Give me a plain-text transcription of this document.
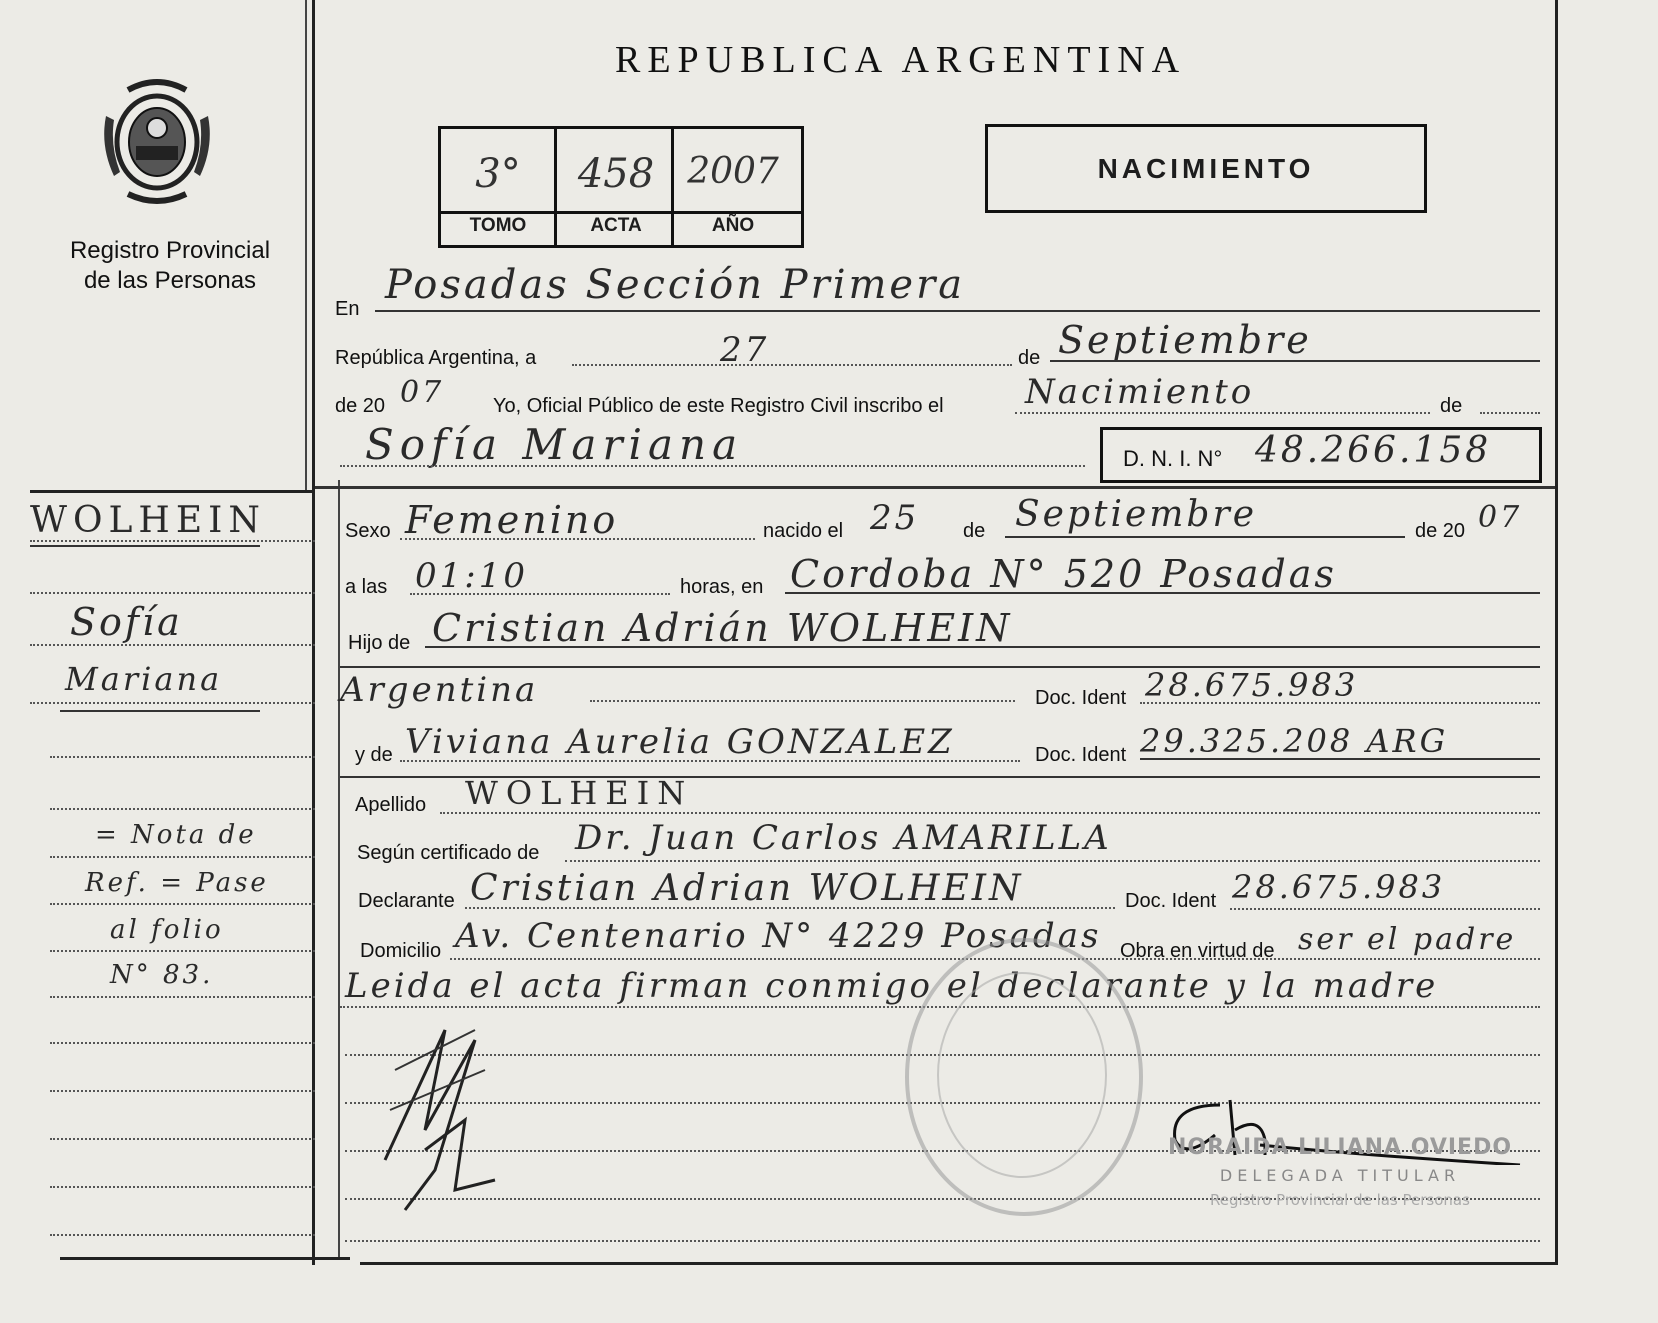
Registro Provincial
de las Personas
WOLHEIN
Sofía
Mariana
= Nota de
Ref. = Pase
al folio
N° 83.
REPUBLICA ARGENTINA
3°	458 2007
TOMO	ACTA	AÑO
NACIMIENTO
En
Posadas Sección Primera
República Argentina, a	27	de Septiembre
de 20 07 Yo, Oficial Público de este Registro Civil inscribo el Nacimiento	de
Sofía Mariana	D. N. I. N° 48.266.158
Sexo Femenino	nacido el 25 de Septiembre	de 20 07
a las 01:10	horas, en Cordoba N° 520 Posadas
Hijo de Cristian Adrián WOLHEIN
Argentina	Doc. Ident 28.675.983
y de Viviana Aurelia GONZALEZ	Doc. Ident 29.325.208 ARG
Apellido WOLHEIN
Según certificado de Dr. Juan Carlos AMARILLA
Declarante Cristian Adrian WOLHEIN	Doc. Ident 28.675.983
Domicilio Av. Centenario N° 4229 Posadas Obra en virtud de ser el padre
Leida el acta firman conmigo el declarante y la madre
NORAIDA LILIANA OVIEDO
DELEGADA TITULAR
Registro Provincial de las Personas
